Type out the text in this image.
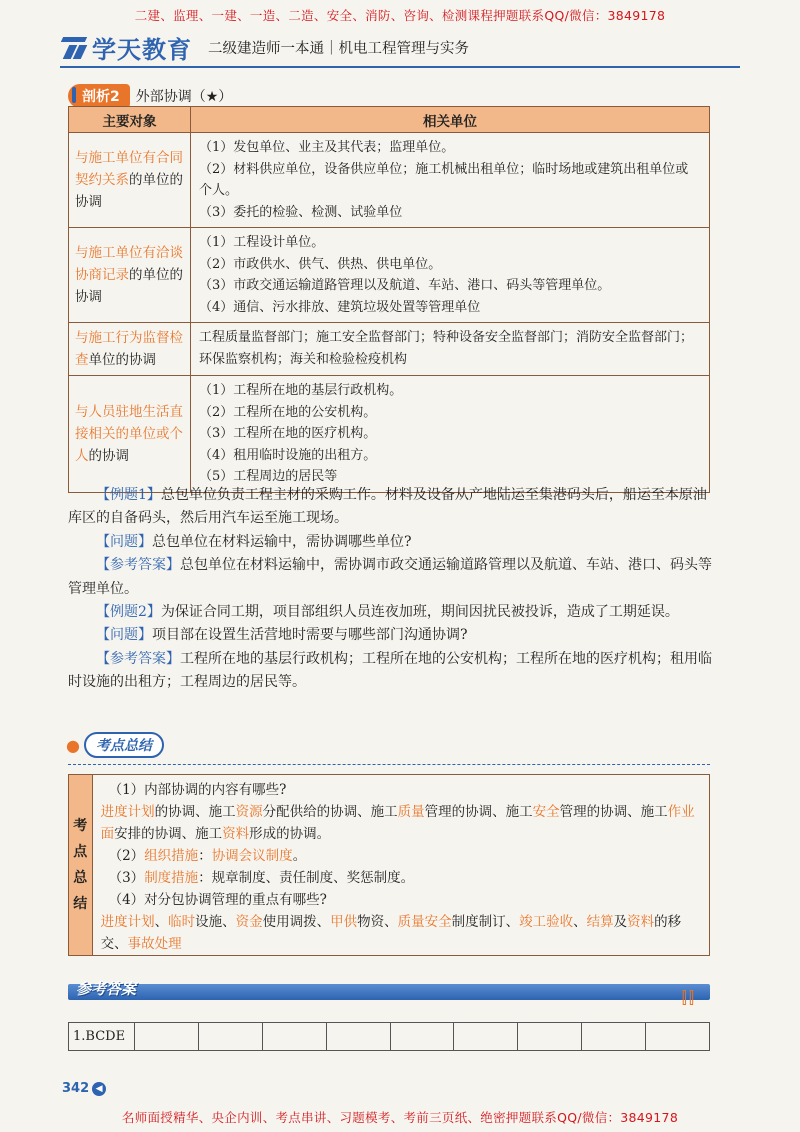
二建、监理、一建、一造、二造、安全、消防、咨询、检测课程押题联系QQ/微信：3849178
学天教育 二级建造师一本通｜机电工程管理与实务
剖析2	外部协调（★）
主要对象	相关单位
与施工单位有合同契约关系的单位的协调	（1）发包单位、业主及其代表；监理单位。
（2）材料供应单位，设备供应单位；施工机械出租单位；临时场地或建筑出租单位或个人。
（3）委托的检验、检测、试验单位

与施工单位有洽谈协商记录的单位的协调	（1）工程设计单位。
（2）市政供水、供气、供热、供电单位。
（3）市政交通运输道路管理以及航道、车站、港口、码头等管理单位。
（4）通信、污水排放、建筑垃圾处置等管理单位

与施工行为监督检查单位的协调	工程质量监督部门；施工安全监督部门；特种设备安全监督部门；消防安全监督部门；环保监察机构；海关和检验检疫机构

与人员驻地生活直接相关的单位或个人的协调	（1）工程所在地的基层行政机构。
（2）工程所在地的公安机构。
（3）工程所在地的医疗机构。
（4）租用临时设施的出租方。
（5）工程周边的居民等

【例题1】总包单位负责工程主材的采购工作。材料及设备从产地陆运至集港码头后，船运至本原油库区的自备码头，然后用汽车运至施工现场。

【问题】总包单位在材料运输中，需协调哪些单位?

【参考答案】总包单位在材料运输中，需协调市政交通运输道路管理以及航道、车站、港口、码头等管理单位。

【例题2】为保证合同工期，项目部组织人员连夜加班，期间因扰民被投诉，造成了工期延误。

【问题】项目部在设置生活营地时需要与哪些部门沟通协调?

【参考答案】工程所在地的基层行政机构；工程所在地的公安机构；工程所在地的医疗机构；租用临时设施的出租方；工程周边的居民等。

●	考点总结
考
点
总
结
（1）内部协调的内容有哪些?
进度计划的协调、施工资源分配供给的协调、施工质量管理的协调、施工安全管理的协调、施工作业面安排的协调、施工资料形成的协调。
（2）组织措施：协调会议制度。
（3）制度措施：规章制度、责任制度、奖惩制度。
（4）对分包协调管理的重点有哪些?
进度计划、临时设施、资金使用调拨、甲供物资、质量安全制度制订、竣工验收、结算及资料的移交、事故处理
参考答案	⫿⫿
1.BCDE									
342 ◀
名师面授精华、央企内训、考点串讲、习题模考、考前三页纸、绝密押题联系QQ/微信：3849178
